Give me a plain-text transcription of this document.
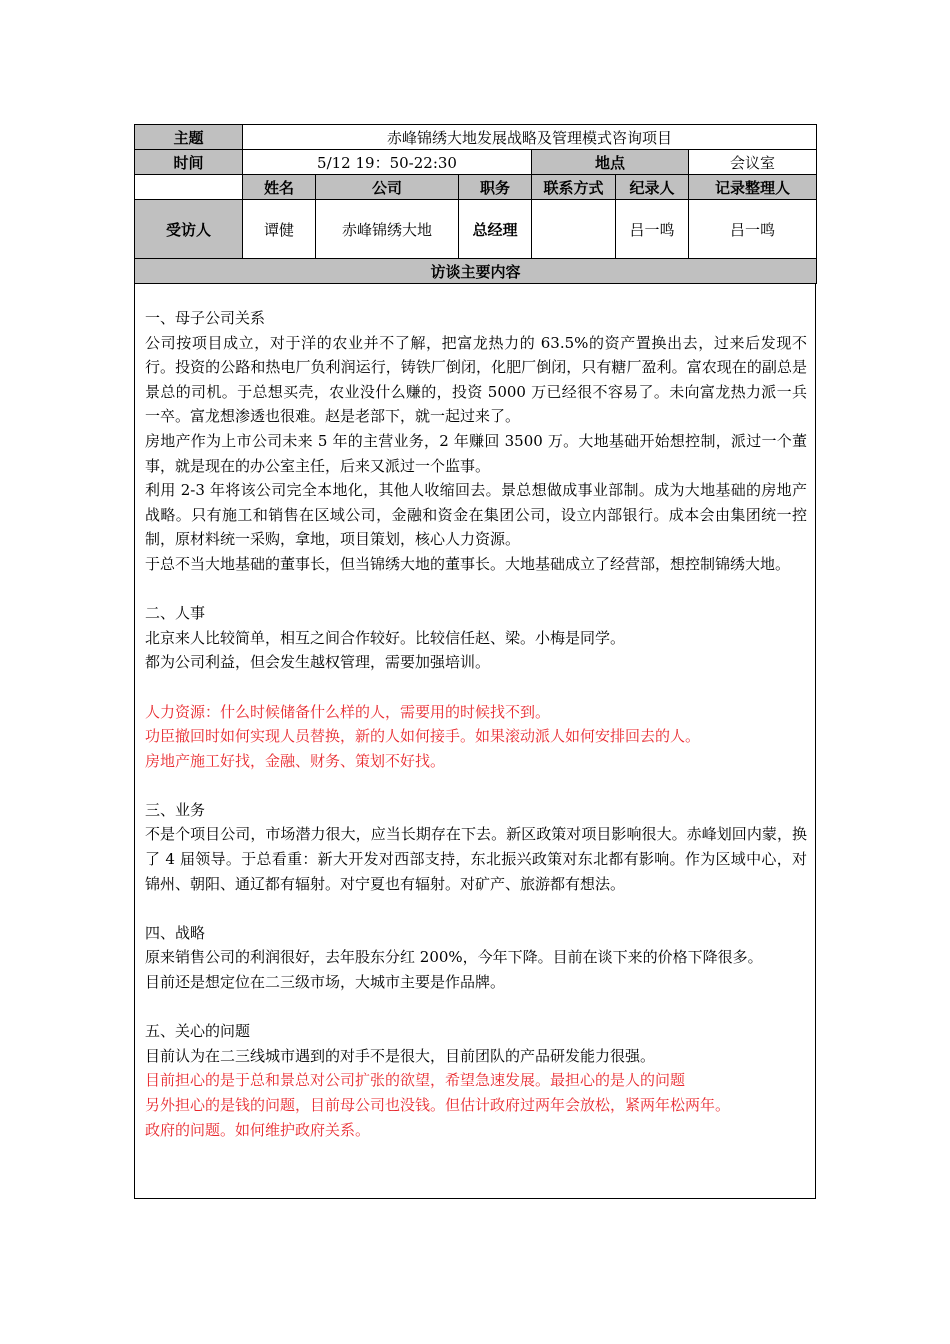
主题	赤峰锦绣大地发展战略及管理模式咨询项目					
时间	5/12 19：50-22:30			地点		会议室
	姓名	公司	职务	联系方式	纪录人	记录整理人
受访人	谭健	赤峰锦绣大地	总经理		吕一鸣	吕一鸣
访谈主要内容						

一、母子公司关系

公司按项目成立，对于洋的农业并不了解，把富龙热力的 63.5%的资产置换出去，过来后发现不行。投资的公路和热电厂负利润运行，铸铁厂倒闭，化肥厂倒闭，只有糖厂盈利。富农现在的副总是景总的司机。于总想买壳，农业没什么赚的，投资 5000 万已经很不容易了。未向富龙热力派一兵一卒。富龙想渗透也很难。赵是老部下，就一起过来了。

房地产作为上市公司未来 5 年的主营业务，2 年赚回 3500 万。大地基础开始想控制，派过一个董事，就是现在的办公室主任，后来又派过一个监事。

利用 2-3 年将该公司完全本地化，其他人收缩回去。景总想做成事业部制。成为大地基础的房地产战略。只有施工和销售在区域公司，金融和资金在集团公司，设立内部银行。成本会由集团统一控制，原材料统一采购，拿地，项目策划，核心人力资源。

于总不当大地基础的董事长，但当锦绣大地的董事长。大地基础成立了经营部，想控制锦绣大地。

二、人事

北京来人比较简单，相互之间合作较好。比较信任赵、梁。小梅是同学。

都为公司利益，但会发生越权管理，需要加强培训。

人力资源：什么时候储备什么样的人，需要用的时候找不到。

功臣撤回时如何实现人员替换，新的人如何接手。如果滚动派人如何安排回去的人。

房地产施工好找，金融、财务、策划不好找。

三、业务

不是个项目公司，市场潜力很大，应当长期存在下去。新区政策对项目影响很大。赤峰划回内蒙，换了 4 届领导。于总看重：新大开发对西部支持，东北振兴政策对东北都有影响。作为区域中心，对锦州、朝阳、通辽都有辐射。对宁夏也有辐射。对矿产、旅游都有想法。

四、战略

原来销售公司的利润很好，去年股东分红 200%，今年下降。目前在谈下来的价格下降很多。

目前还是想定位在二三级市场，大城市主要是作品牌。

五、关心的问题

目前认为在二三线城市遇到的对手不是很大，目前团队的产品研发能力很强。

目前担心的是于总和景总对公司扩张的欲望，希望急速发展。最担心的是人的问题

另外担心的是钱的问题，目前母公司也没钱。但估计政府过两年会放松，紧两年松两年。

政府的问题。如何维护政府关系。
